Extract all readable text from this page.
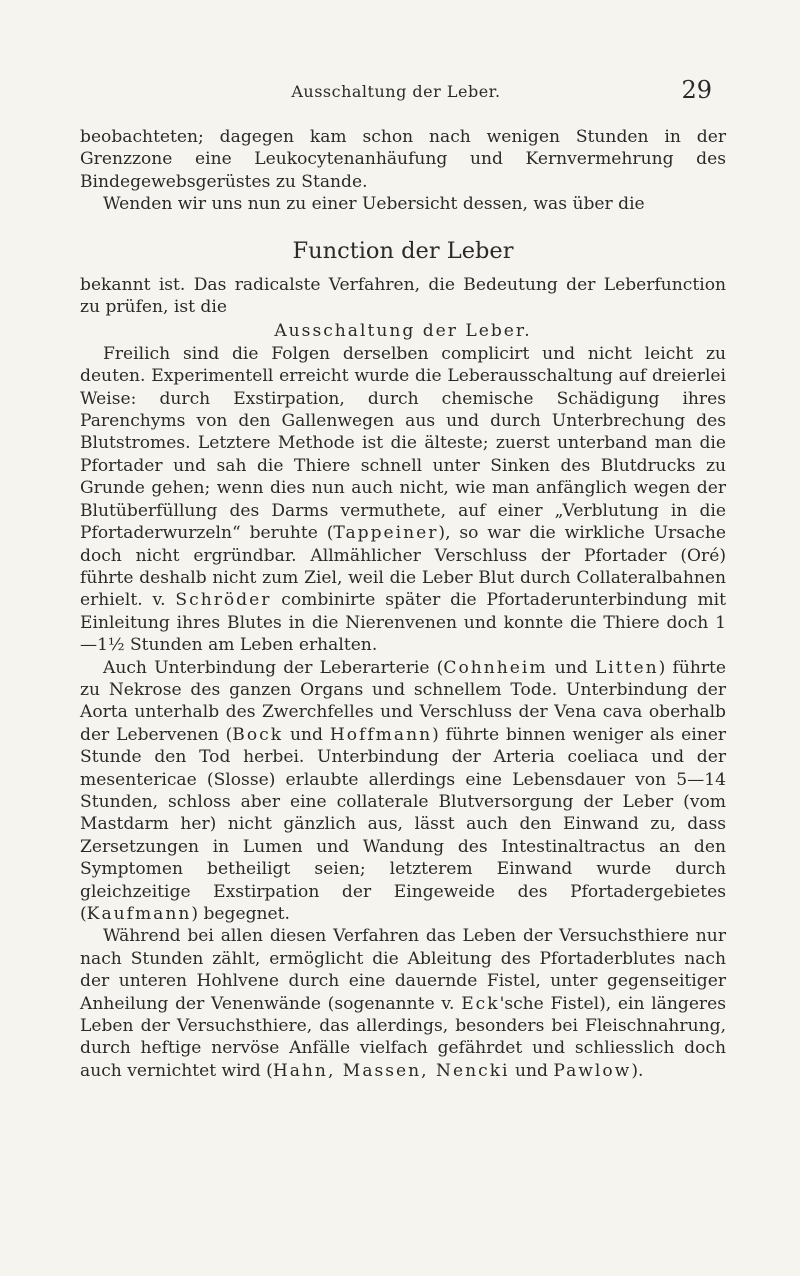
Ausschaltung der Leber.	29

beobachteten; dagegen kam schon nach wenigen Stunden in der Grenzzone eine Leukocytenanhäufung und Kernvermehrung des Bindegewebsgerüstes zu Stande.

Wenden wir uns nun zu einer Uebersicht dessen, was über die

Function der Leber

bekannt ist. Das radicalste Verfahren, die Bedeutung der Leberfunction zu prüfen, ist die

Ausschaltung der Leber.

Freilich sind die Folgen derselben complicirt und nicht leicht zu deuten. Experimentell erreicht wurde die Leberausschaltung auf dreierlei Weise: durch Exstirpation, durch chemische Schädigung ihres Parenchyms von den Gallenwegen aus und durch Unterbrechung des Blutstromes. Letztere Methode ist die älteste; zuerst unterband man die Pfortader und sah die Thiere schnell unter Sinken des Blutdrucks zu Grunde gehen; wenn dies nun auch nicht, wie man anfänglich wegen der Blutüberfüllung des Darms vermuthete, auf einer „Verblutung in die Pfortaderwurzeln“ beruhte (Tappeiner), so war die wirkliche Ursache doch nicht ergründbar. Allmählicher Verschluss der Pfortader (Oré) führte deshalb nicht zum Ziel, weil die Leber Blut durch Collateralbahnen erhielt. v. Schröder combinirte später die Pfortaderunterbindung mit Einleitung ihres Blutes in die Nierenvenen und konnte die Thiere doch 1—1½ Stunden am Leben erhalten.

Auch Unterbindung der Leberarterie (Cohnheim und Litten) führte zu Nekrose des ganzen Organs und schnellem Tode. Unterbindung der Aorta unterhalb des Zwerchfelles und Verschluss der Vena cava oberhalb der Lebervenen (Bock und Hoffmann) führte binnen weniger als einer Stunde den Tod herbei. Unterbindung der Arteria coeliaca und der mesentericae (Slosse) erlaubte allerdings eine Lebensdauer von 5—14 Stunden, schloss aber eine collaterale Blutversorgung der Leber (vom Mastdarm her) nicht gänzlich aus, lässt auch den Einwand zu, dass Zersetzungen in Lumen und Wandung des Intestinaltractus an den Symptomen betheiligt seien; letzterem Einwand wurde durch gleichzeitige Exstirpation der Eingeweide des Pfortadergebietes (Kaufmann) begegnet.

Während bei allen diesen Verfahren das Leben der Versuchsthiere nur nach Stunden zählt, ermöglicht die Ableitung des Pfortaderblutes nach der unteren Hohlvene durch eine dauernde Fistel, unter gegenseitiger Anheilung der Venenwände (sogenannte v. Eck'sche Fistel), ein längeres Leben der Versuchsthiere, das allerdings, besonders bei Fleischnahrung, durch heftige nervöse Anfälle vielfach gefährdet und schliesslich doch auch vernichtet wird (Hahn, Massen, Nencki und Pawlow).
